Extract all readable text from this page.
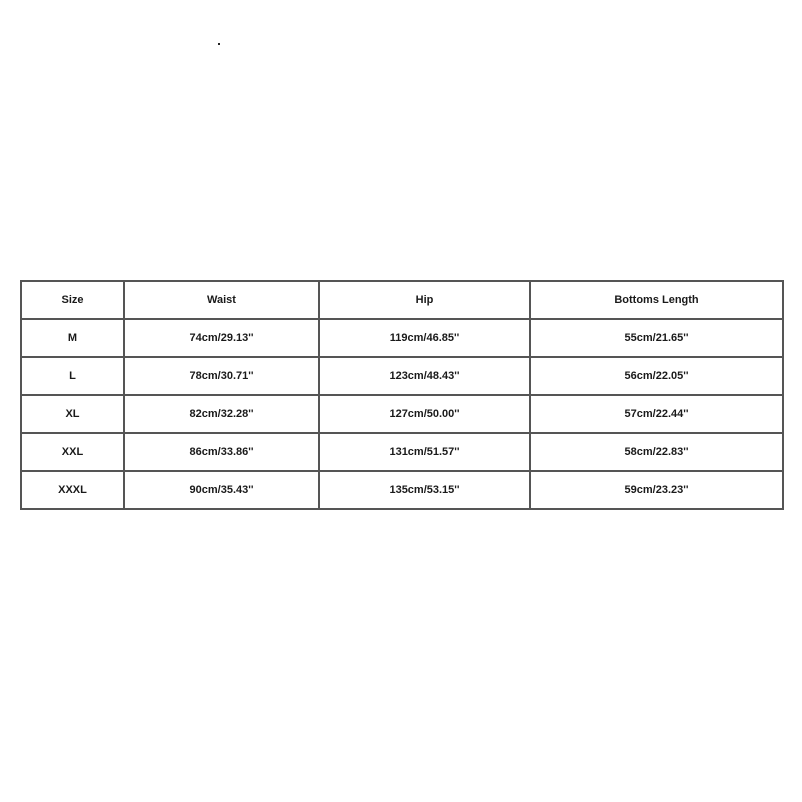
Size	Waist	Hip	Bottoms Length
M	74cm/29.13''	119cm/46.85''	55cm/21.65''
L	78cm/30.71''	123cm/48.43''	56cm/22.05''
XL	82cm/32.28''	127cm/50.00''	57cm/22.44''
XXL	86cm/33.86''	131cm/51.57''	58cm/22.83''
XXXL	90cm/35.43''	135cm/53.15''	59cm/23.23''
